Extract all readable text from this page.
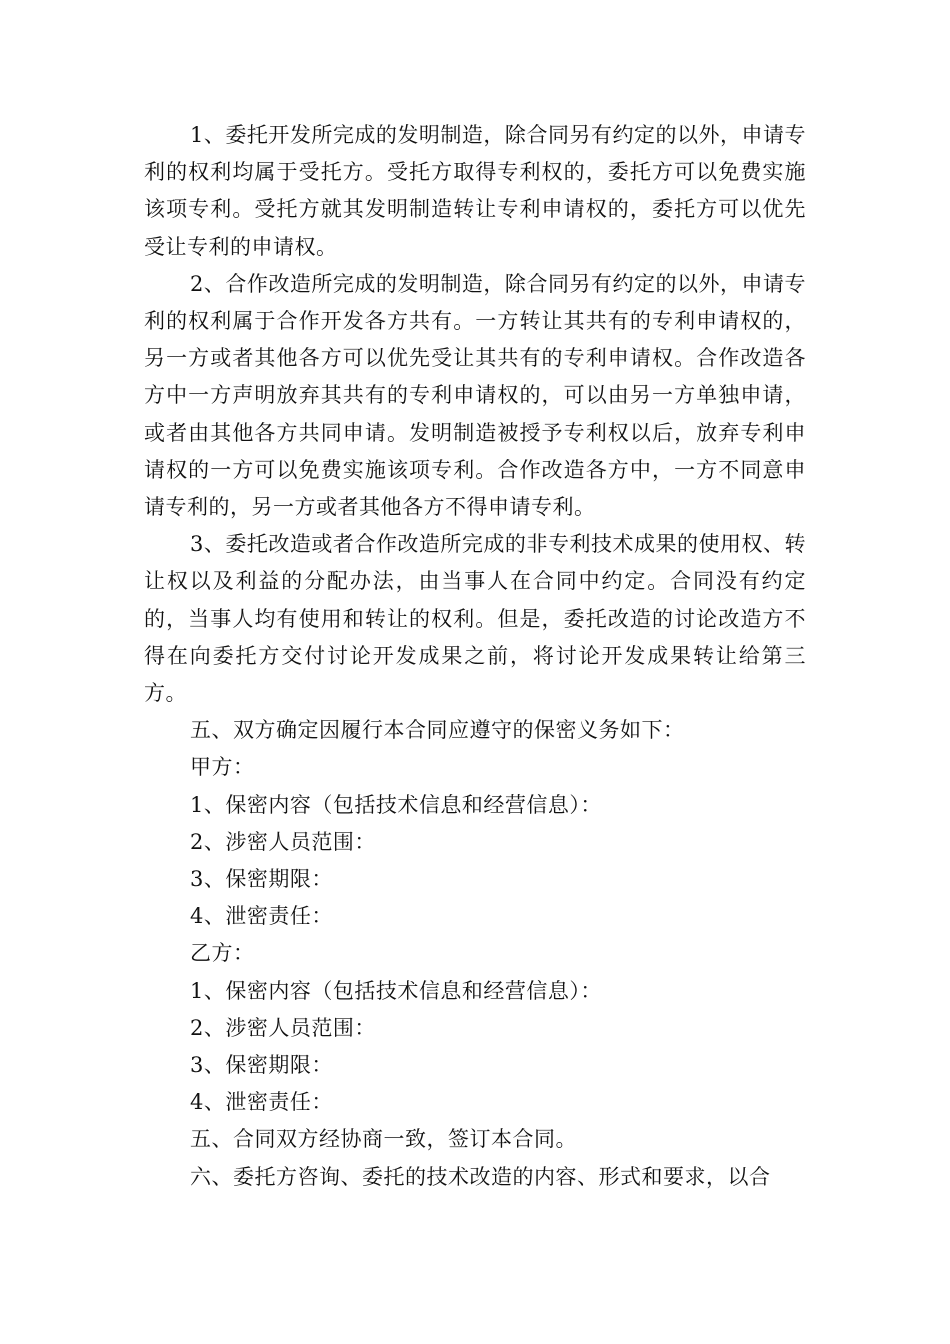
1、委托开发所完成的发明制造，除合同另有约定的以外，申请专利的权利均属于受托方。受托方取得专利权的，委托方可以免费实施该项专利。受托方就其发明制造转让专利申请权的，委托方可以优先受让专利的申请权。

2、合作改造所完成的发明制造，除合同另有约定的以外，申请专利的权利属于合作开发各方共有。一方转让其共有的专利申请权的，另一方或者其他各方可以优先受让其共有的专利申请权。合作改造各方中一方声明放弃其共有的专利申请权的，可以由另一方单独申请，或者由其他各方共同申请。发明制造被授予专利权以后，放弃专利申请权的一方可以免费实施该项专利。合作改造各方中，一方不同意申请专利的，另一方或者其他各方不得申请专利。

3、委托改造或者合作改造所完成的非专利技术成果的使用权、转让权以及利益的分配办法，由当事人在合同中约定。合同没有约定的，当事人均有使用和转让的权利。但是，委托改造的讨论改造方不得在向委托方交付讨论开发成果之前，将讨论开发成果转让给第三方。

五、双方确定因履行本合同应遵守的保密义务如下：

甲方：

1、保密内容（包括技术信息和经营信息）：

2、涉密人员范围：

3、保密期限：

4、泄密责任：

乙方：

1、保密内容（包括技术信息和经营信息）：

2、涉密人员范围：

3、保密期限：

4、泄密责任：

五、合同双方经协商一致，签订本合同。

六、委托方咨询、委托的技术改造的内容、形式和要求，以合
